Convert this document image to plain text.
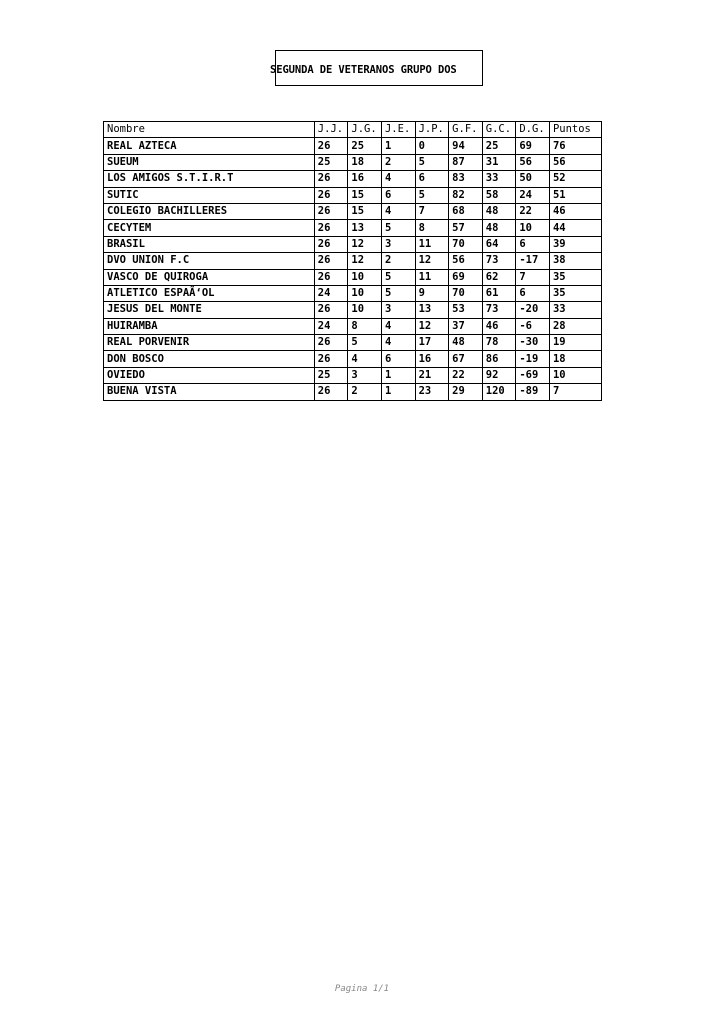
SEGUNDA DE VETERANOS GRUPO DOS
Nombre	J.J.	J.G.	J.E.	J.P.	G.F.	G.C.	D.G.	Puntos
REAL AZTECA	26	25	1	0	94	25	69	76
SUEUM	25	18	2	5	87	31	56	56
LOS AMIGOS S.T.I.R.T	26	16	4	6	83	33	50	52
SUTIC	26	15	6	5	82	58	24	51
COLEGIO BACHILLERES	26	15	4	7	68	48	22	46
CECYTEM	26	13	5	8	57	48	10	44
BRASIL	26	12	3	11	70	64	6	39
DVO UNION F.C	26	12	2	12	56	73	-17	38
VASCO DE QUIROGA	26	10	5	11	69	62	7	35
ATLETICO ESPAÃ‘OL	24	10	5	9	70	61	6	35
JESUS DEL MONTE	26	10	3	13	53	73	-20	33
HUIRAMBA	24	8	4	12	37	46	-6	28
REAL PORVENIR	26	5	4	17	48	78	-30	19
DON BOSCO	26	4	6	16	67	86	-19	18
OVIEDO	25	3	1	21	22	92	-69	10
BUENA VISTA	26	2	1	23	29	120	-89	7
Pagina 1/1
